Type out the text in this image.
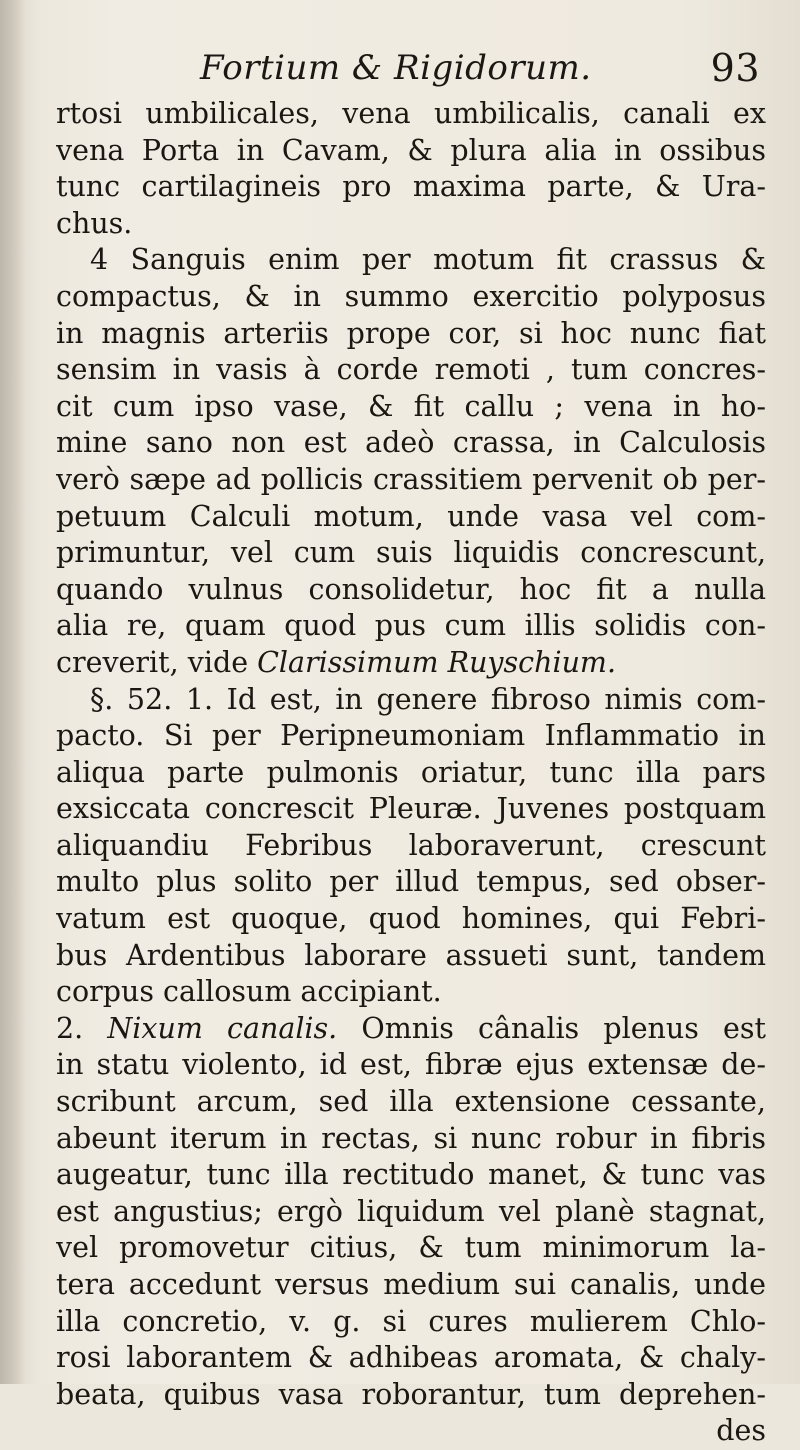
Fortium & Rigidorum.	93
rtosi umbilicales, vena umbilicalis, canali ex
vena Porta in Cavam, & plura alia in ossibus
tunc cartilagineis pro maxima parte, & Ura-
chus.
4 Sanguis enim per motum fit crassus &
compactus, & in summo exercitio polyposus
in magnis arteriis prope cor, si hoc nunc fiat
sensim in vasis à corde remoti , tum concres-
cit cum ipso vase, & fit callu ; vena in ho-
mine sano non est adeò crassa, in Calculosis
verò sæpe ad pollicis crassitiem pervenit ob per-
petuum Calculi motum, unde vasa vel com-
primuntur, vel cum suis liquidis concrescunt,
quando vulnus consolidetur, hoc fit a nulla
alia re, quam quod pus cum illis solidis con-
creverit, vide Clarissimum Ruyschium.
§. 52. 1. Id est, in genere fibroso nimis com-
pacto. Si per Peripneumoniam Inflammatio in
aliqua parte pulmonis oriatur, tunc illa pars
exsiccata concrescit Pleuræ. Juvenes postquam
aliquandiu Febribus laboraverunt, crescunt
multo plus solito per illud tempus, sed obser-
vatum est quoque, quod homines, qui Febri-
bus Ardentibus laborare assueti sunt, tandem
corpus callosum accipiant.
2. Nixum canalis. Omnis cânalis plenus est
in statu violento, id est, fibræ ejus extensæ de-
scribunt arcum, sed illa extensione cessante,
abeunt iterum in rectas, si nunc robur in fibris
augeatur, tunc illa rectitudo manet, & tunc vas
est angustius; ergò liquidum vel planè stagnat,
vel promovetur citius, & tum minimorum la-
tera accedunt versus medium sui canalis, unde
illa concretio, v. g. si cures mulierem Chlo-
rosi laborantem & adhibeas aromata, & chaly-
beata, quibus vasa roborantur, tum deprehen-
des
